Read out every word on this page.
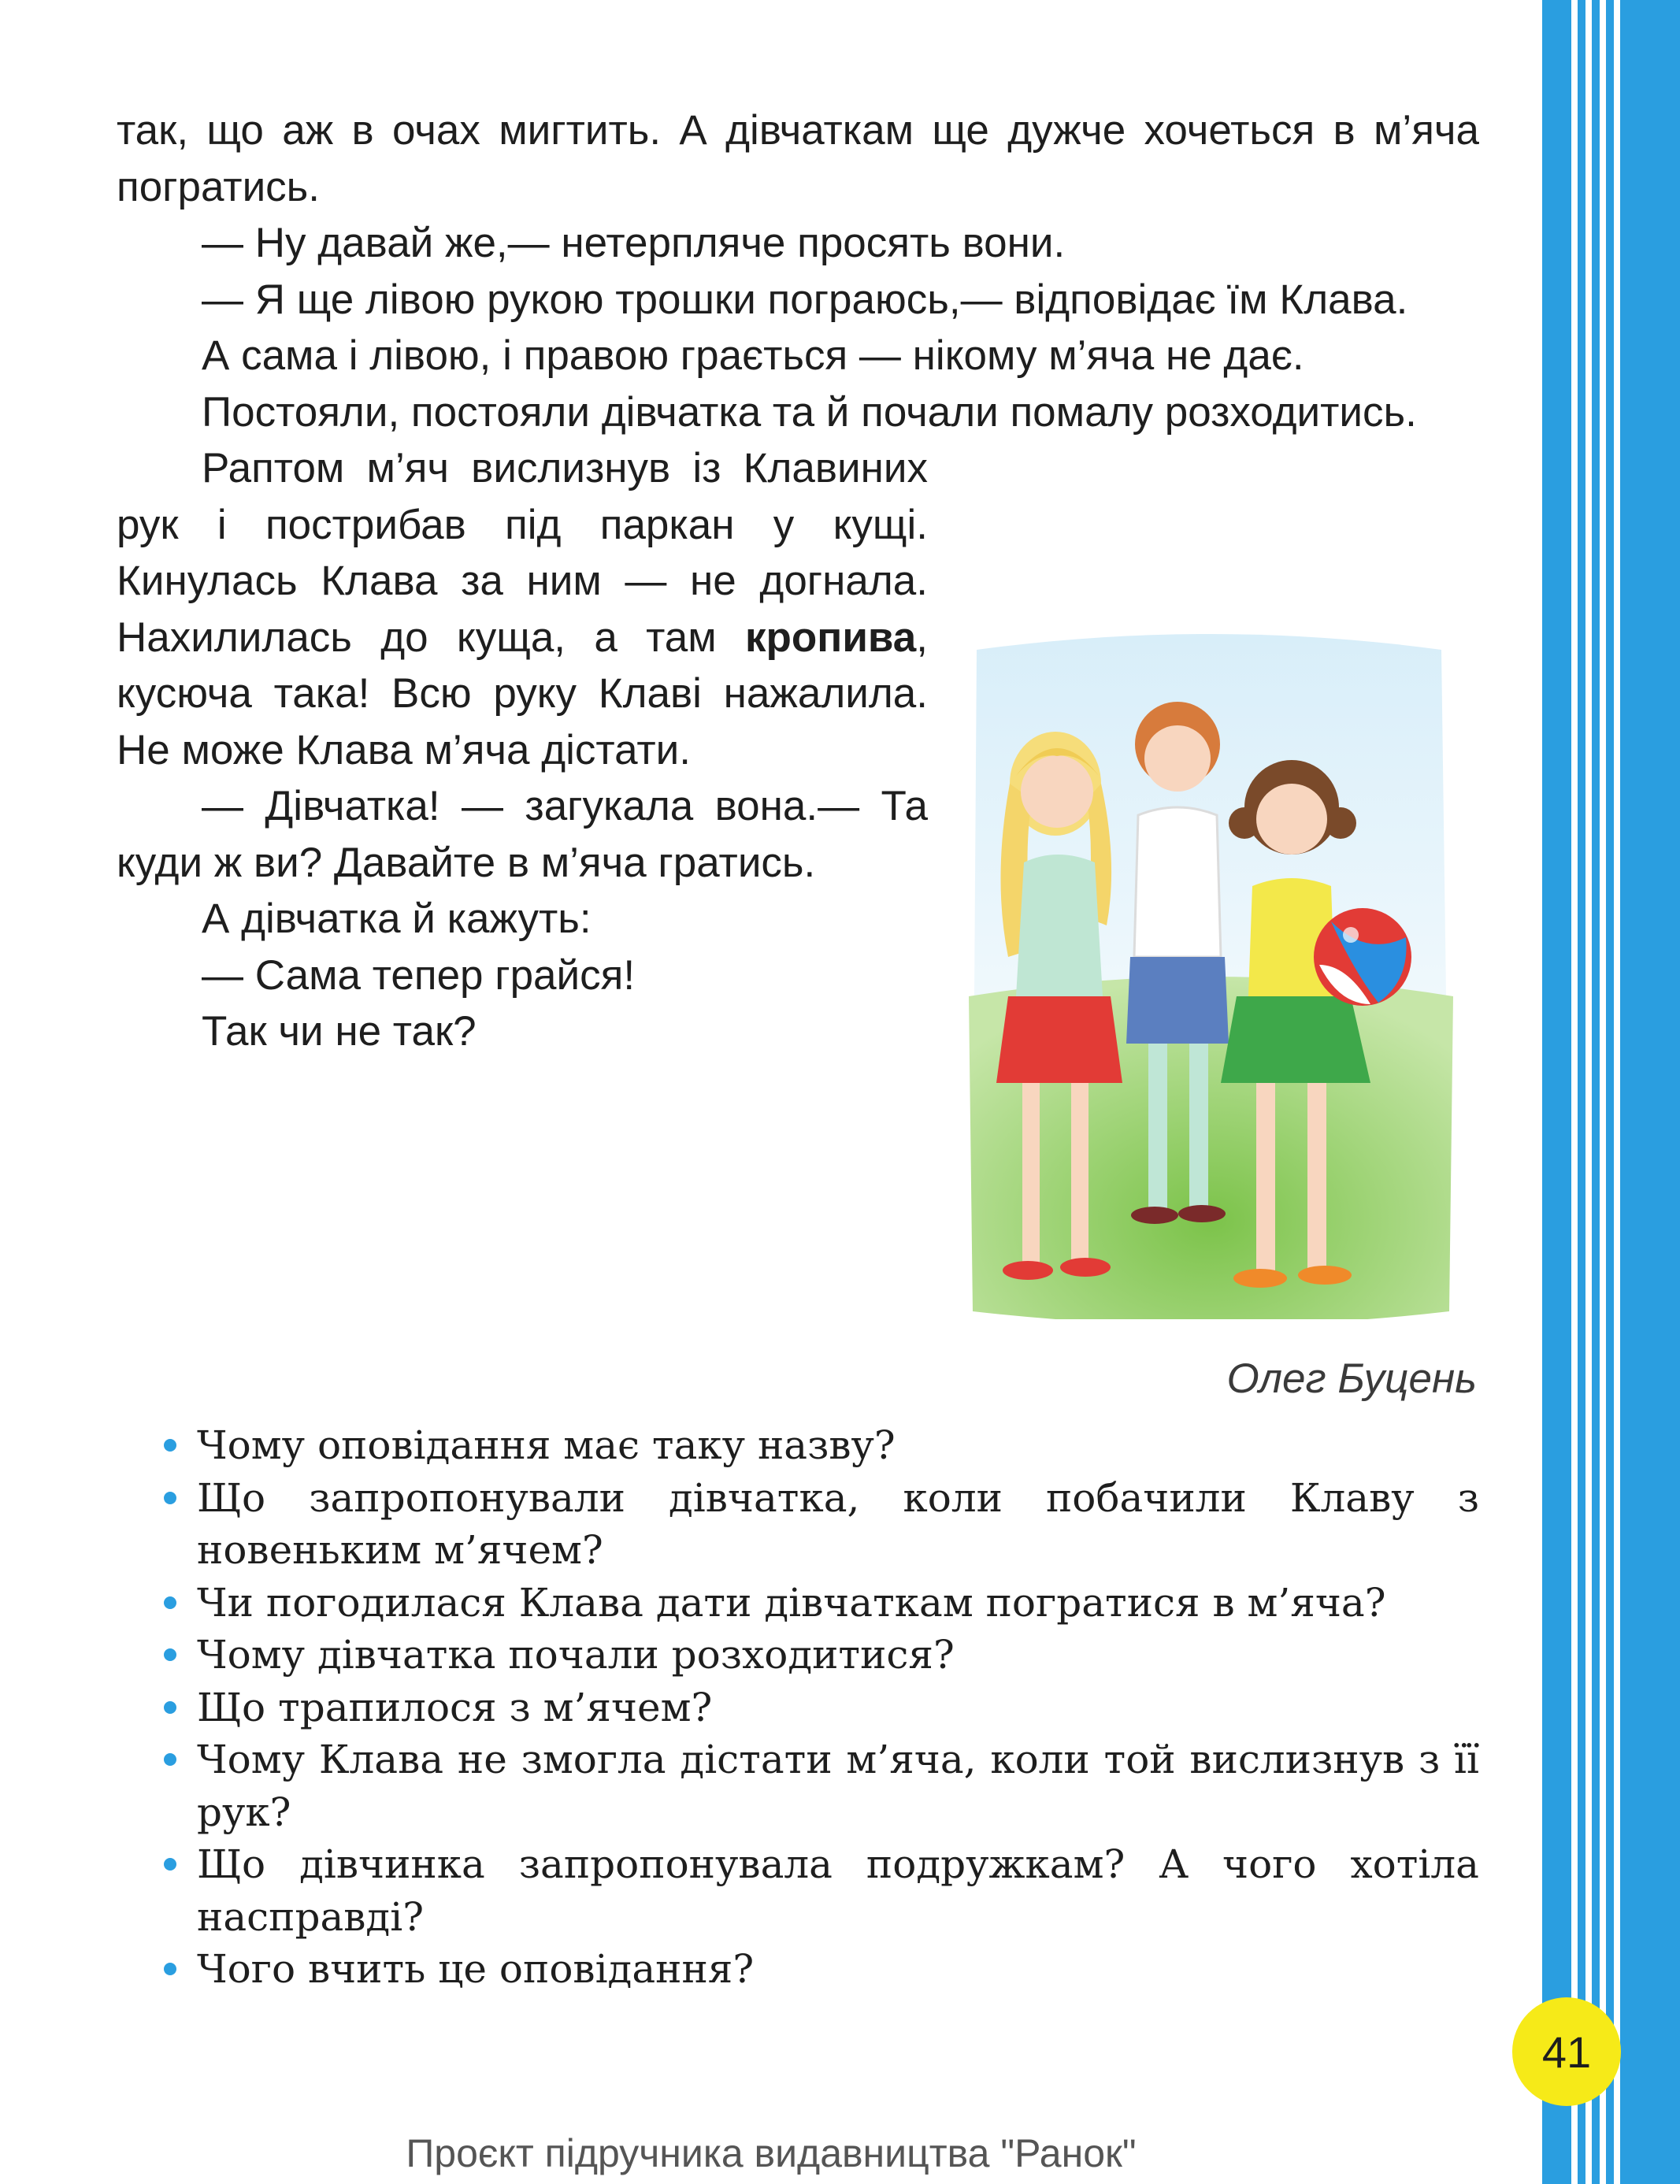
так, що аж в очах мигтить. А дівчаткам ще дужче хочеться в м’яча погратись.

— Ну давай же,— нетерпляче просять вони.

— Я ще лівою рукою трошки пограюсь,— відповідає їм Клава.

А сама і лівою, і правою грається — нікому м’яча не дає.

Постояли, постояли дівчатка та й почали помалу розходитись.

Раптом м’яч вислизнув із Клавиних рук і пострибав під паркан у кущі. Кинулась Клава за ним — не догнала. Нахилилась до куща, а там кропива, кусюча така! Всю руку Клаві нажалила. Не може Клава м’яча дістати.

— Дівчатка! — загукала вона.— Та куди ж ви? Давайте в м’яча гратись.

А дівчатка й кажуть:

— Сама тепер грайся!

Так чи не так?

Олег Буцень
Чому оповідання має таку назву?
Що запропонували дівчатка, коли побачили Клаву з новеньким м’ячем?
Чи погодилася Клава дати дівчаткам погратися в м’яча?
Чому дівчатка почали розходитися?
Що трапилося з м’ячем?
Чому Клава не змогла дістати м’яча, коли той вислизнув з її рук?
Що дівчинка запропонувала подружкам? А чого хотіла насправді?
Чого вчить це оповідання?
41
Проєкт підручника видавництва "Ранок"
